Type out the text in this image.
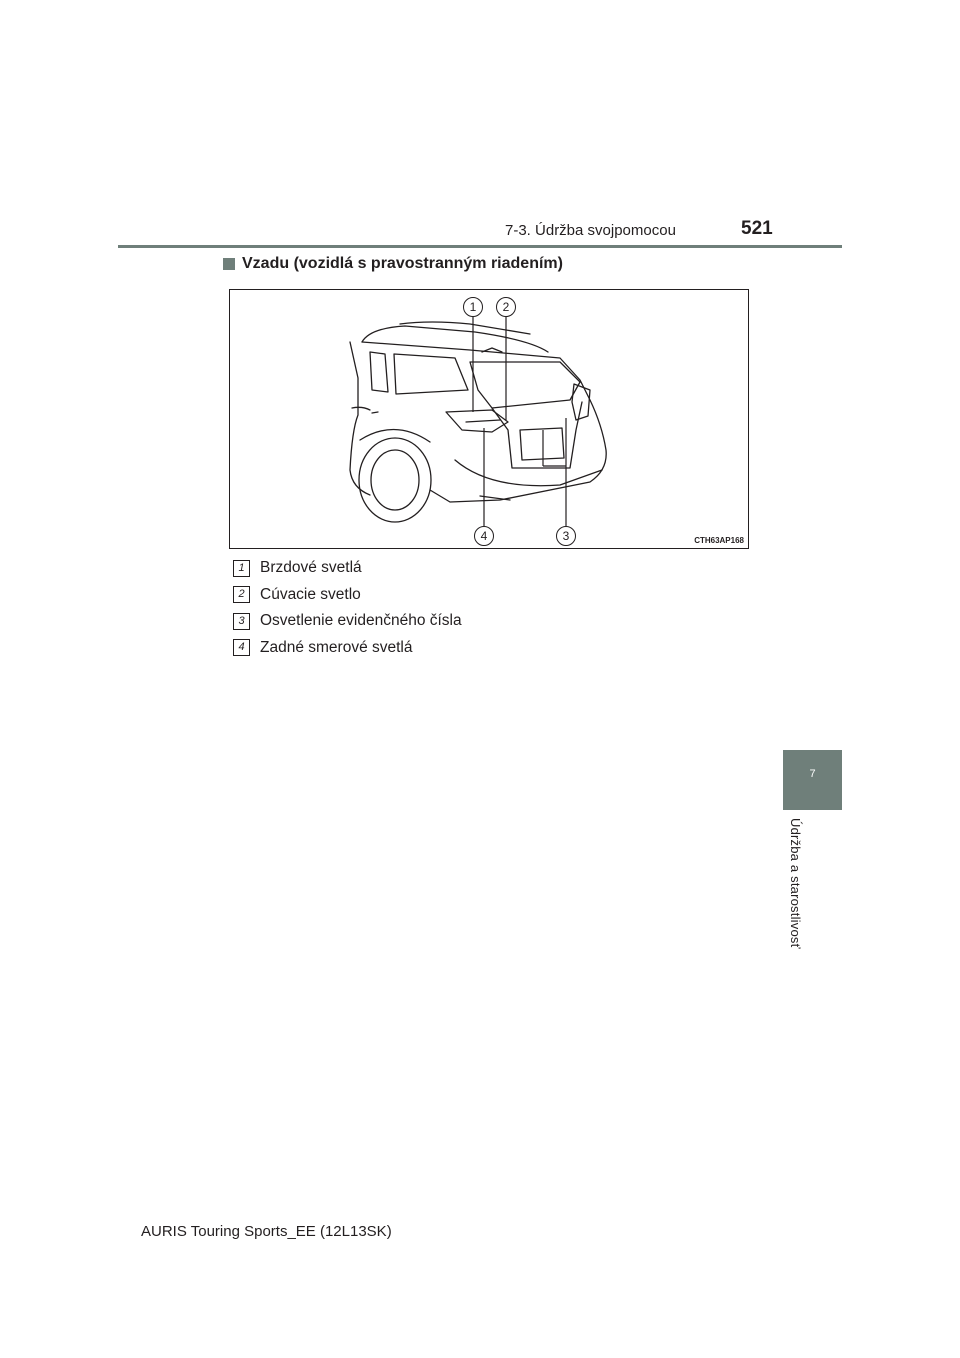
7-3. Údržba svojpomocou	521
Vzadu (vozidlá s pravostranným riadením)
1	2
3
4	CTH63AP168
1 Brzdové svetlá
2 Cúvacie svetlo
3 Osvetlenie evidenčného čísla
4 Zadné smerové svetlá
7
Údržba a starostlivosť
AURIS Touring Sports_EE (12L13SK)
